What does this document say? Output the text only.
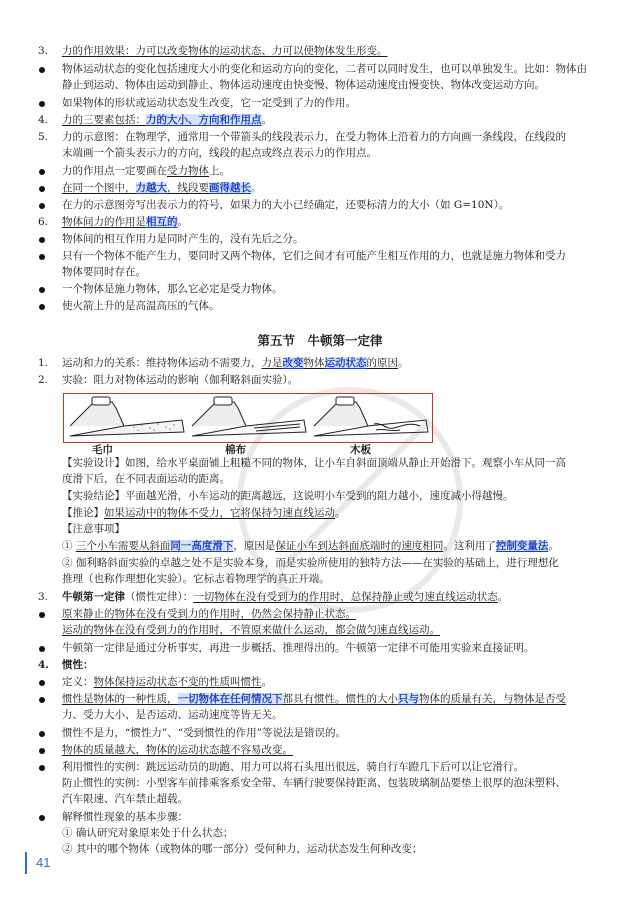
3.	力的作用效果：力可以改变物体的运动状态、力可以使物体发生形变。
物体运动状态的变化包括速度大小的变化和运动方向的变化，二者可以同时发生，也可以单独发生。比如：物体由
静止到运动、物体由运动到静止、物体运动速度由快变慢、物体运动速度由慢变快、物体改变运动方向。
如果物体的形状或运动状态发生改变，它一定受到了力的作用。
4.	力的三要素包括：力的大小、方向和作用点。
5.	力的示意图：在物理学，通常用一个带箭头的线段表示力，在受力物体上沿着力的方向画一条线段，在线段的
末端画一个箭头表示力的方向，线段的起点或终点表示力的作用点。
力的作用点一定要画在受力物体上。
在同一个图中，力越大，线段要画得越长。
在力的示意图旁写出表示力的符号，如果力的大小已经确定，还要标清力的大小（如 G=10N）。
6.	物体间力的作用是相互的。
物体间的相互作用力是同时产生的，没有先后之分。
只有一个物体不能产生力，要同时又两个物体，它们之间才有可能产生相互作用的力，也就是施力物体和受力
物体要同时存在。
一个物体是施力物体，那么它必定是受力物体。
使火箭上升的是高温高压的气体。
第五节　牛顿第一定律
1.	运动和力的关系：维持物体运动不需要力，力是改变物体运动状态的原因。
2.	实验：阻力对物体运动的影响（伽利略斜面实验）。
毛巾	棉布	木板
【实验设计】如图，给水平桌面铺上粗糙不同的物体，让小车自斜面顶端从静止开始滑下。观察小车从同一高
度滑下后，在不同表面运动的距离。
【实验结论】平面越光滑，小车运动的距离越远，这说明小车受到的阻力越小，速度减小得越慢。
【推论】如果运动中的物体不受力，它将保持匀速直线运动。
【注意事项】
① 三个小车需要从斜面同一高度滑下，原因是保证小车到达斜面底端时的速度相同。这利用了控制变量法。
② 伽利略斜面实验的卓越之处不是实验本身，而是实验所使用的独特方法——在实验的基础上，进行理想化
推理（也称作理想化实验）。它标志着物理学的真正开端。
3.	牛顿第一定律（惯性定律）：一切物体在没有受到力的作用时，总保持静止或匀速直线运动状态。
原来静止的物体在没有受到力的作用时，仍然会保持静止状态。
运动的物体在没有受到力的作用时，不管原来做什么运动，都会做匀速直线运动。
牛顿第一定律是通过分析事实，再进一步概括、推理得出的。牛顿第一定律不可能用实验来直接证明。
4. 惯性：
定义：物体保持运动状态不变的性质叫惯性。
惯性是物体的一种性质，一切物体在任何情况下都具有惯性。惯性的大小只与物体的质量有关，与物体是否受
力、受力大小、是否运动、运动速度等皆无关。
惯性不是力，“惯性力”、“受到惯性的作用”等说法是错误的。
物体的质量越大，物体的运动状态越不容易改变。
利用惯性的实例：跳远运动员的助跑、用力可以将石头甩出很远、骑自行车蹬几下后可以让它滑行。
防止惯性的实例：小型客车前排乘客系安全带、车辆行驶要保持距离、包装玻璃制品要垫上很厚的泡沫塑料、
汽车限速、汽车禁止超载。
解释惯性现象的基本步骤：
① 确认研究对象原来处于什么状态；
② 其中的哪个物体（或物体的哪一部分）受何种力，运动状态发生何种改变；
41
